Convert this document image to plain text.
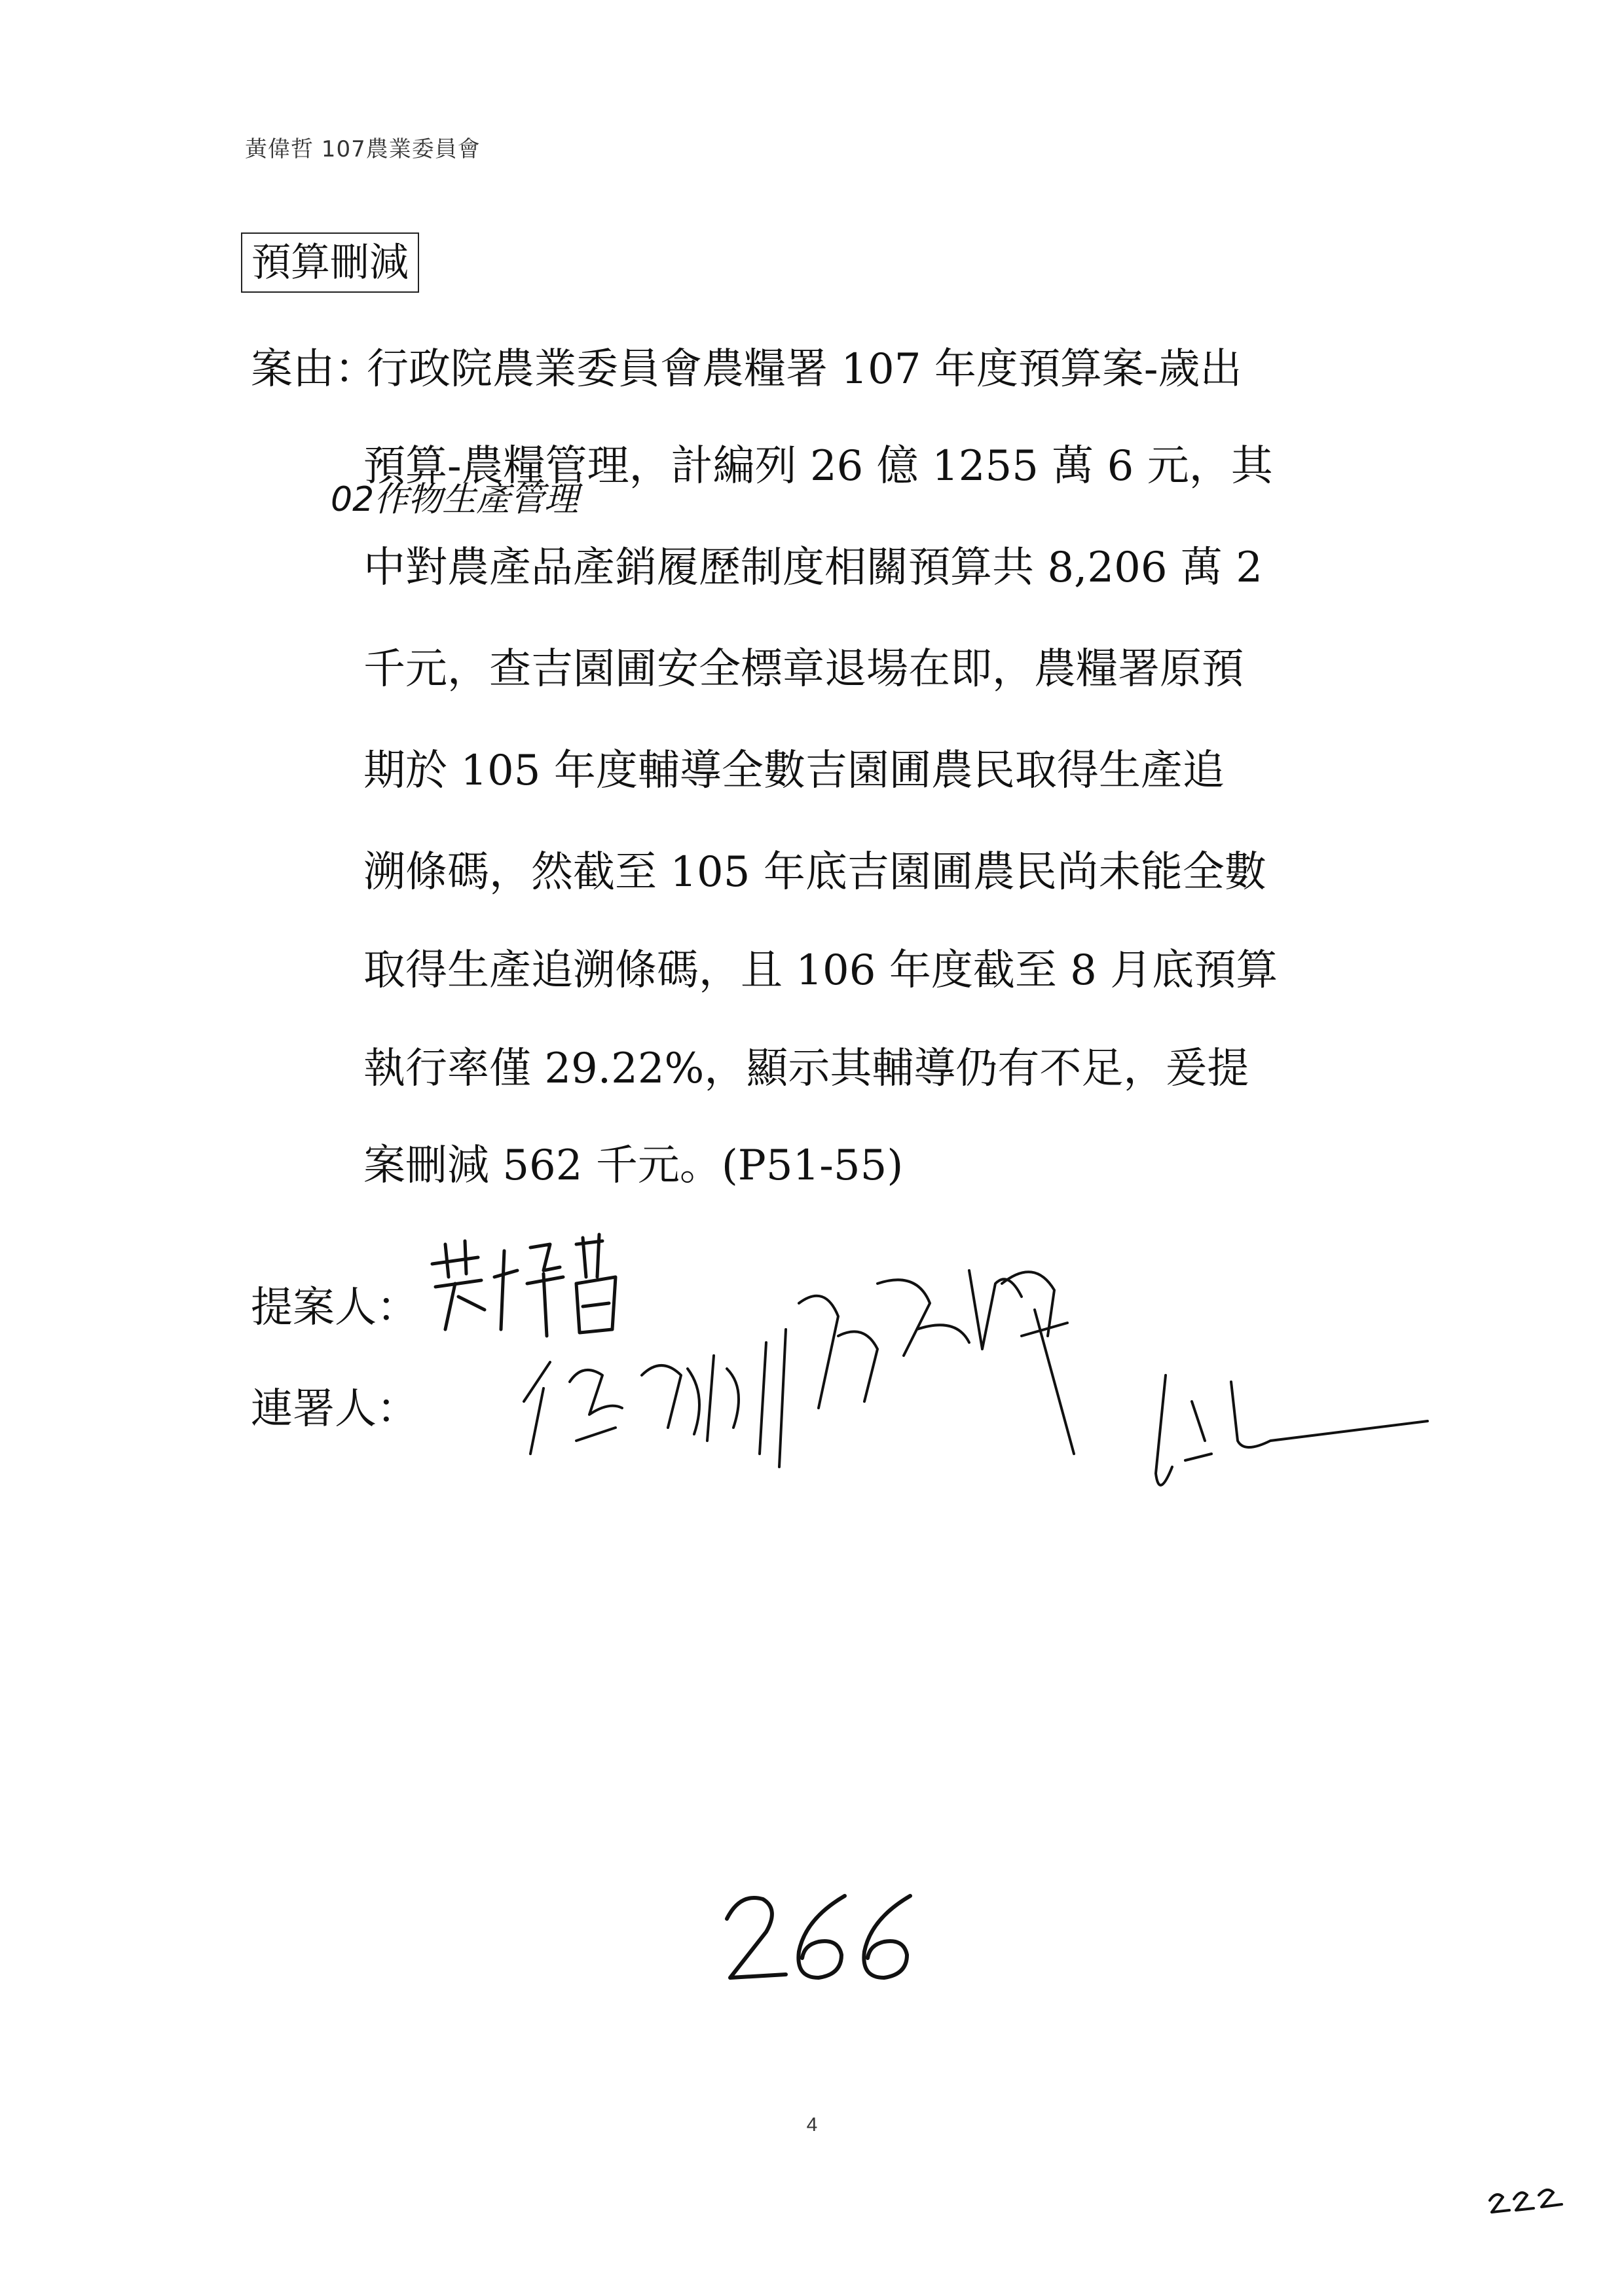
黃偉哲 107農業委員會
預算刪減
案由：
行政院農業委員會農糧署 107 年度預算案-歲出
預算-農糧管理，計編列 26 億 1255 萬 6 元，其
02作物生產管理
中對農產品產銷履歷制度相關預算共 8,206 萬 2
千元，查吉園圃安全標章退場在即，農糧署原預
期於 105 年度輔導全數吉園圃農民取得生產追
溯條碼，然截至 105 年底吉園圃農民尚未能全數
取得生產追溯條碼，且 106 年度截至 8 月底預算
執行率僅 29.22%，顯示其輔導仍有不足，爰提
案刪減 562 千元。(P51-55)
提案人：
連署人：
4
